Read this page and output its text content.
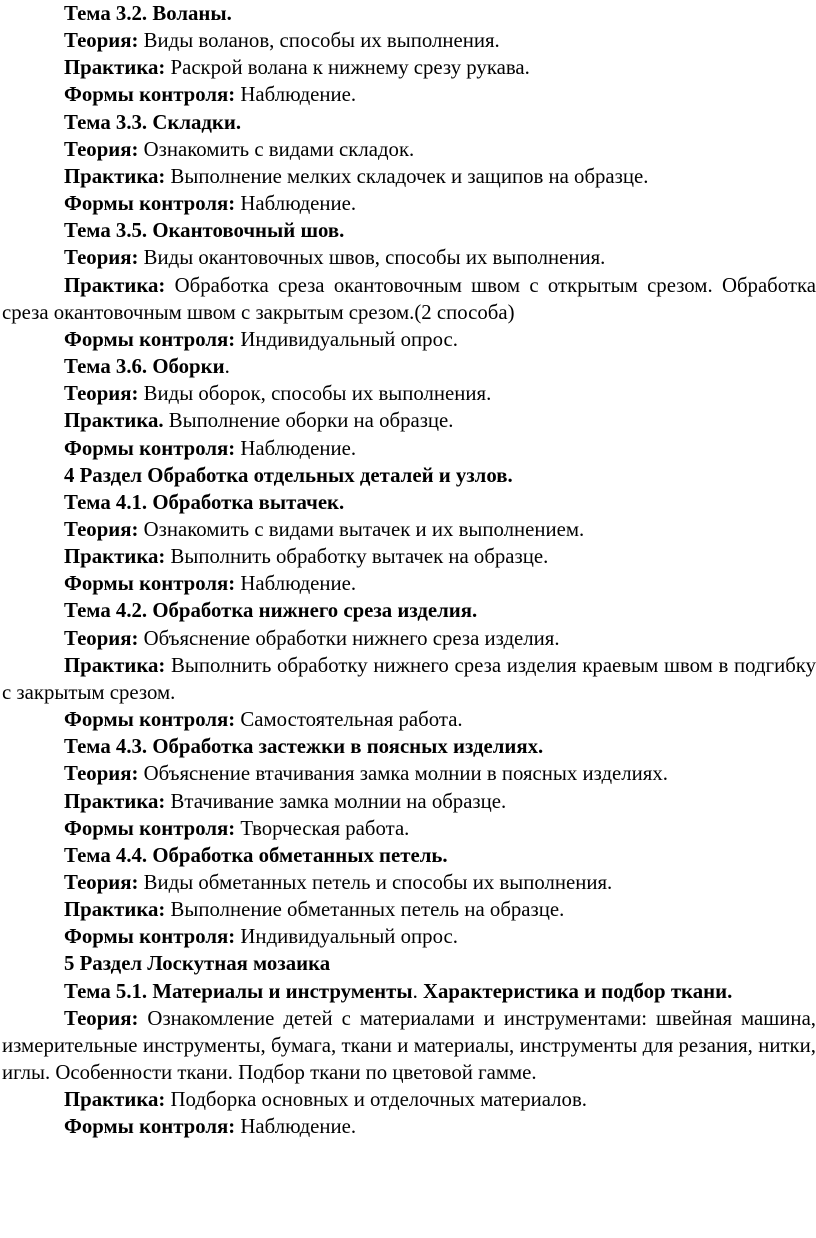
Тема 3.2. Воланы.

Теория: Виды воланов, способы их выполнения.

Практика: Раскрой волана к нижнему срезу рукава.

Формы контроля: Наблюдение.

Тема 3.3. Складки.

Теория: Ознакомить с видами складок.

Практика: Выполнение мелких складочек и защипов на образце.

Формы контроля: Наблюдение.

Тема 3.5. Окантовочный шов.

Теория: Виды окантовочных швов, способы их выполнения.

Практика: Обработка среза окантовочным швом с открытым срезом. Обработка среза окантовочным швом с закрытым срезом.(2 способа)

Формы контроля: Индивидуальный опрос.

Тема 3.6. Оборки.

Теория: Виды оборок, способы их выполнения.

Практика. Выполнение оборки на образце.

Формы контроля: Наблюдение.

4 Раздел Обработка отдельных деталей и узлов.

Тема 4.1. Обработка вытачек.

Теория: Ознакомить с видами вытачек и их выполнением.

Практика: Выполнить обработку вытачек на образце.

Формы контроля: Наблюдение.

Тема 4.2. Обработка нижнего среза изделия.

Теория: Объяснение обработки нижнего среза изделия.

Практика: Выполнить обработку нижнего среза изделия краевым швом в подгибку с закрытым срезом.

Формы контроля: Самостоятельная работа.

Тема 4.3. Обработка застежки в поясных изделиях.

Теория: Объяснение втачивания замка молнии в поясных изделиях.

Практика: Втачивание замка молнии на образце.

Формы контроля: Творческая работа.

Тема 4.4. Обработка обметанных петель.

Теория: Виды обметанных петель и способы их выполнения.

Практика: Выполнение обметанных петель на образце.

Формы контроля: Индивидуальный опрос.

5 Раздел Лоскутная мозаика

Тема 5.1. Материалы и инструменты. Характеристика и подбор ткани.

Теория: Ознакомление детей с материалами и инструментами: швейная машина, измерительные инструменты, бумага, ткани и материалы, инструменты для резания, нитки, иглы. Особенности ткани. Подбор ткани по цветовой гамме.

Практика: Подборка основных и отделочных материалов.

Формы контроля: Наблюдение.
